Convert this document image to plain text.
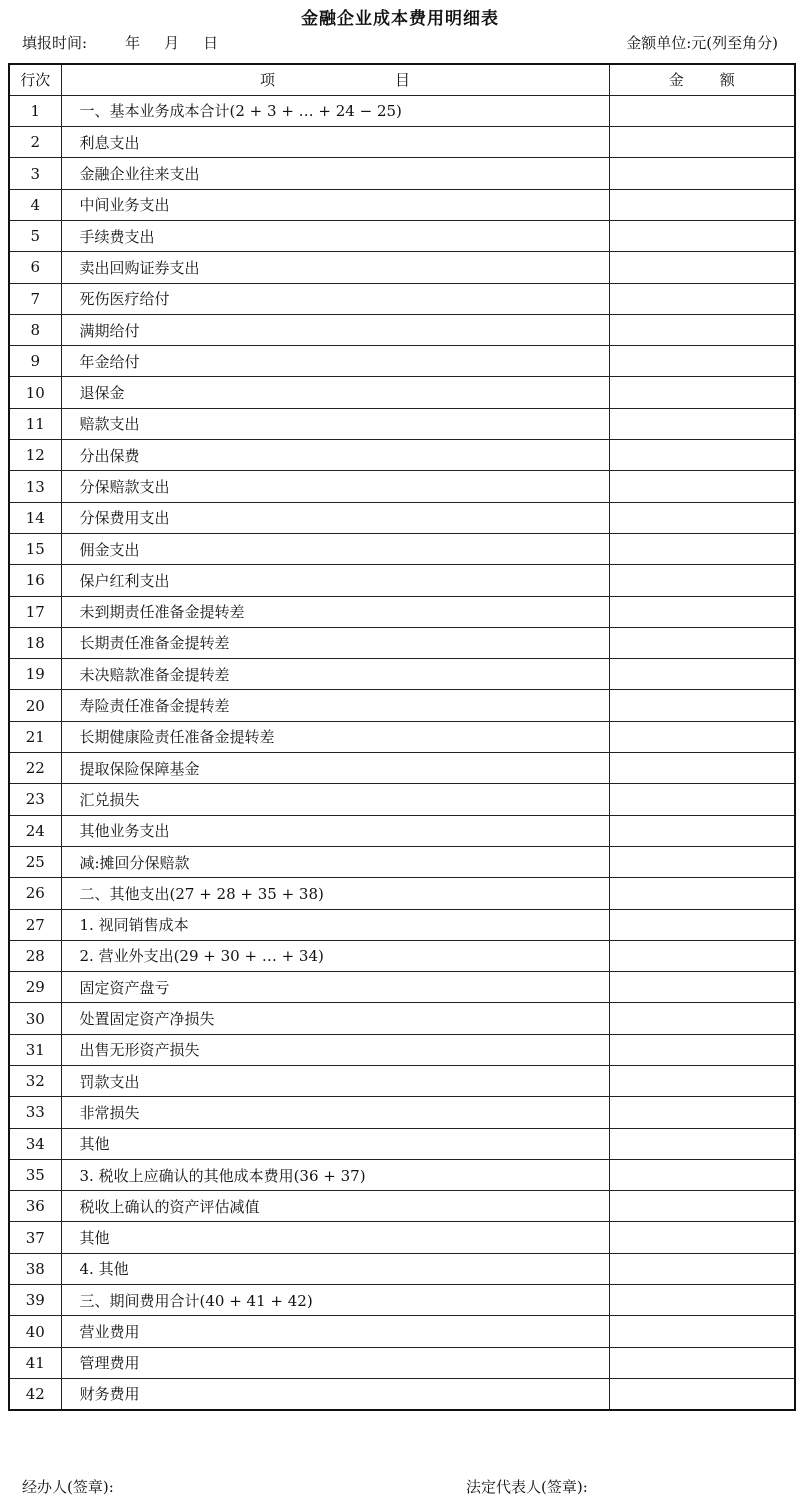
金融企业成本费用明细表
填报时间:	年 月 日	金额单位:元(列至角分)
行次	项 目	金 额
1	一、基本业务成本合计(2 + 3 + … + 24 − 25)	
2	利息支出	
3	金融企业往来支出	
4	中间业务支出	
5	手续费支出	
6	卖出回购证券支出	
7	死伤医疗给付	
8	满期给付	
9	年金给付	
10	退保金	
11	赔款支出	
12	分出保费	
13	分保赔款支出	
14	分保费用支出	
15	佣金支出	
16	保户红利支出	
17	未到期责任准备金提转差	
18	长期责任准备金提转差	
19	未决赔款准备金提转差	
20	寿险责任准备金提转差	
21	长期健康险责任准备金提转差	
22	提取保险保障基金	
23	汇兑损失	
24	其他业务支出	
25	减:摊回分保赔款	
26	二、其他支出(27 + 28 + 35 + 38)	
27	1. 视同销售成本	
28	2. 营业外支出(29 + 30 + … + 34)	
29	固定资产盘亏	
30	处置固定资产净损失	
31	出售无形资产损失	
32	罚款支出	
33	非常损失	
34	其他	
35	3. 税收上应确认的其他成本费用(36 + 37)	
36	税收上确认的资产评估减值	
37	其他	
38	4. 其他	
39	三、期间费用合计(40 + 41 + 42)	
40	营业费用	
41	管理费用	
42	财务费用	
经办人(签章):	法定代表人(签章):
